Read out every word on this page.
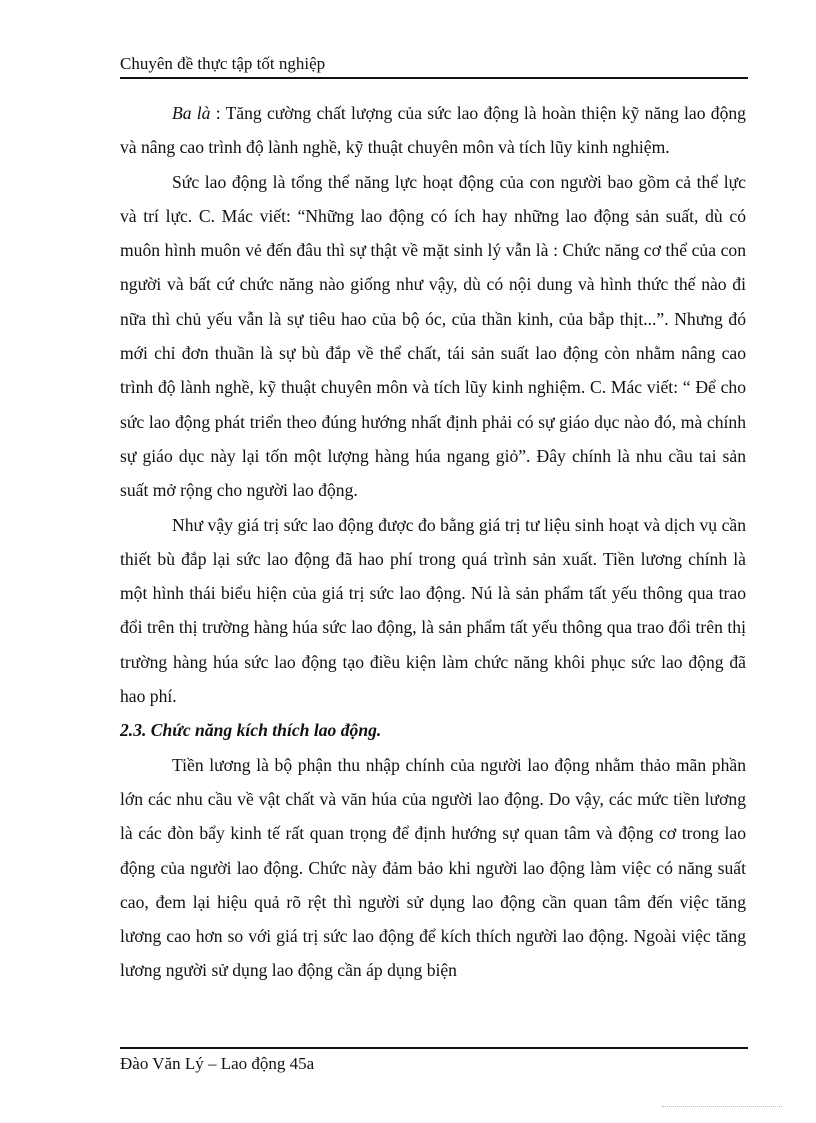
Chuyên đề thực tập tốt nghiệp

Ba là : Tăng cường chất lượng của sức lao động là hoàn thiện kỹ năng lao động và nâng cao trình độ lành nghề, kỹ thuật chuyên môn và tích lũy kinh nghiệm.

Sức lao động là tổng thể năng lực hoạt động của con người bao gồm cả thể lực và trí lực. C. Mác viết: “Những lao động có ích hay những lao động sản suất, dù có muôn hình muôn vẻ đến đâu thì sự thật về mặt sinh lý vẫn là : Chức năng cơ thể của con người và bất cứ chức năng nào giống như vậy, dù có nội dung và hình thức thế nào đi nữa thì chủ yếu vẫn là sự tiêu hao của bộ óc, của thần kinh, của bắp thịt...”. Nhưng đó mới chỉ đơn thuần là sự bù đắp về thể chất, tái sản suất lao động còn nhằm nâng cao trình độ lành nghề, kỹ thuật chuyên môn và tích lũy kinh nghiệm. C. Mác viết: “ Để cho sức lao động phát triển theo đúng hướng nhất định phải có sự giáo dục nào đó, mà chính sự giáo dục này lại tốn một lượng hàng húa ngang giỏ”. Đây chính là nhu cầu tai sản suất mở rộng cho người lao động.

Như vậy giá trị sức lao động được đo bằng giá trị tư liệu sinh hoạt và dịch vụ cần thiết bù đắp lại sức lao động đã hao phí trong quá trình sản xuất. Tiền lương chính là một hình thái biểu hiện của giá trị sức lao động. Nú là sản phẩm tất yếu thông qua trao đổi trên thị trường hàng húa sức lao động, là sản phẩm tất yếu thông qua trao đổi trên thị trường hàng húa sức lao động tạo điều kiện làm chức năng khôi phục sức lao động đã hao phí.

2.3. Chức năng kích thích lao động.

Tiền lương là bộ phận thu nhập chính của người lao động nhằm thảo mãn phần lớn các nhu cầu về vật chất và văn húa của người lao động. Do vậy, các mức tiền lương là các đòn bẩy kinh tế rất quan trọng để định hướng sự quan tâm và động cơ trong lao động của người lao động. Chức này đảm bảo khi người lao động làm việc có năng suất cao, đem lại hiệu quả rõ rệt thì người sử dụng lao động cần quan tâm đến việc tăng lương cao hơn so với giá trị sức lao động để kích thích người lao động. Ngoài việc tăng lương người sử dụng lao động cần áp dụng biện

Đào Văn Lý – Lao động 45a
